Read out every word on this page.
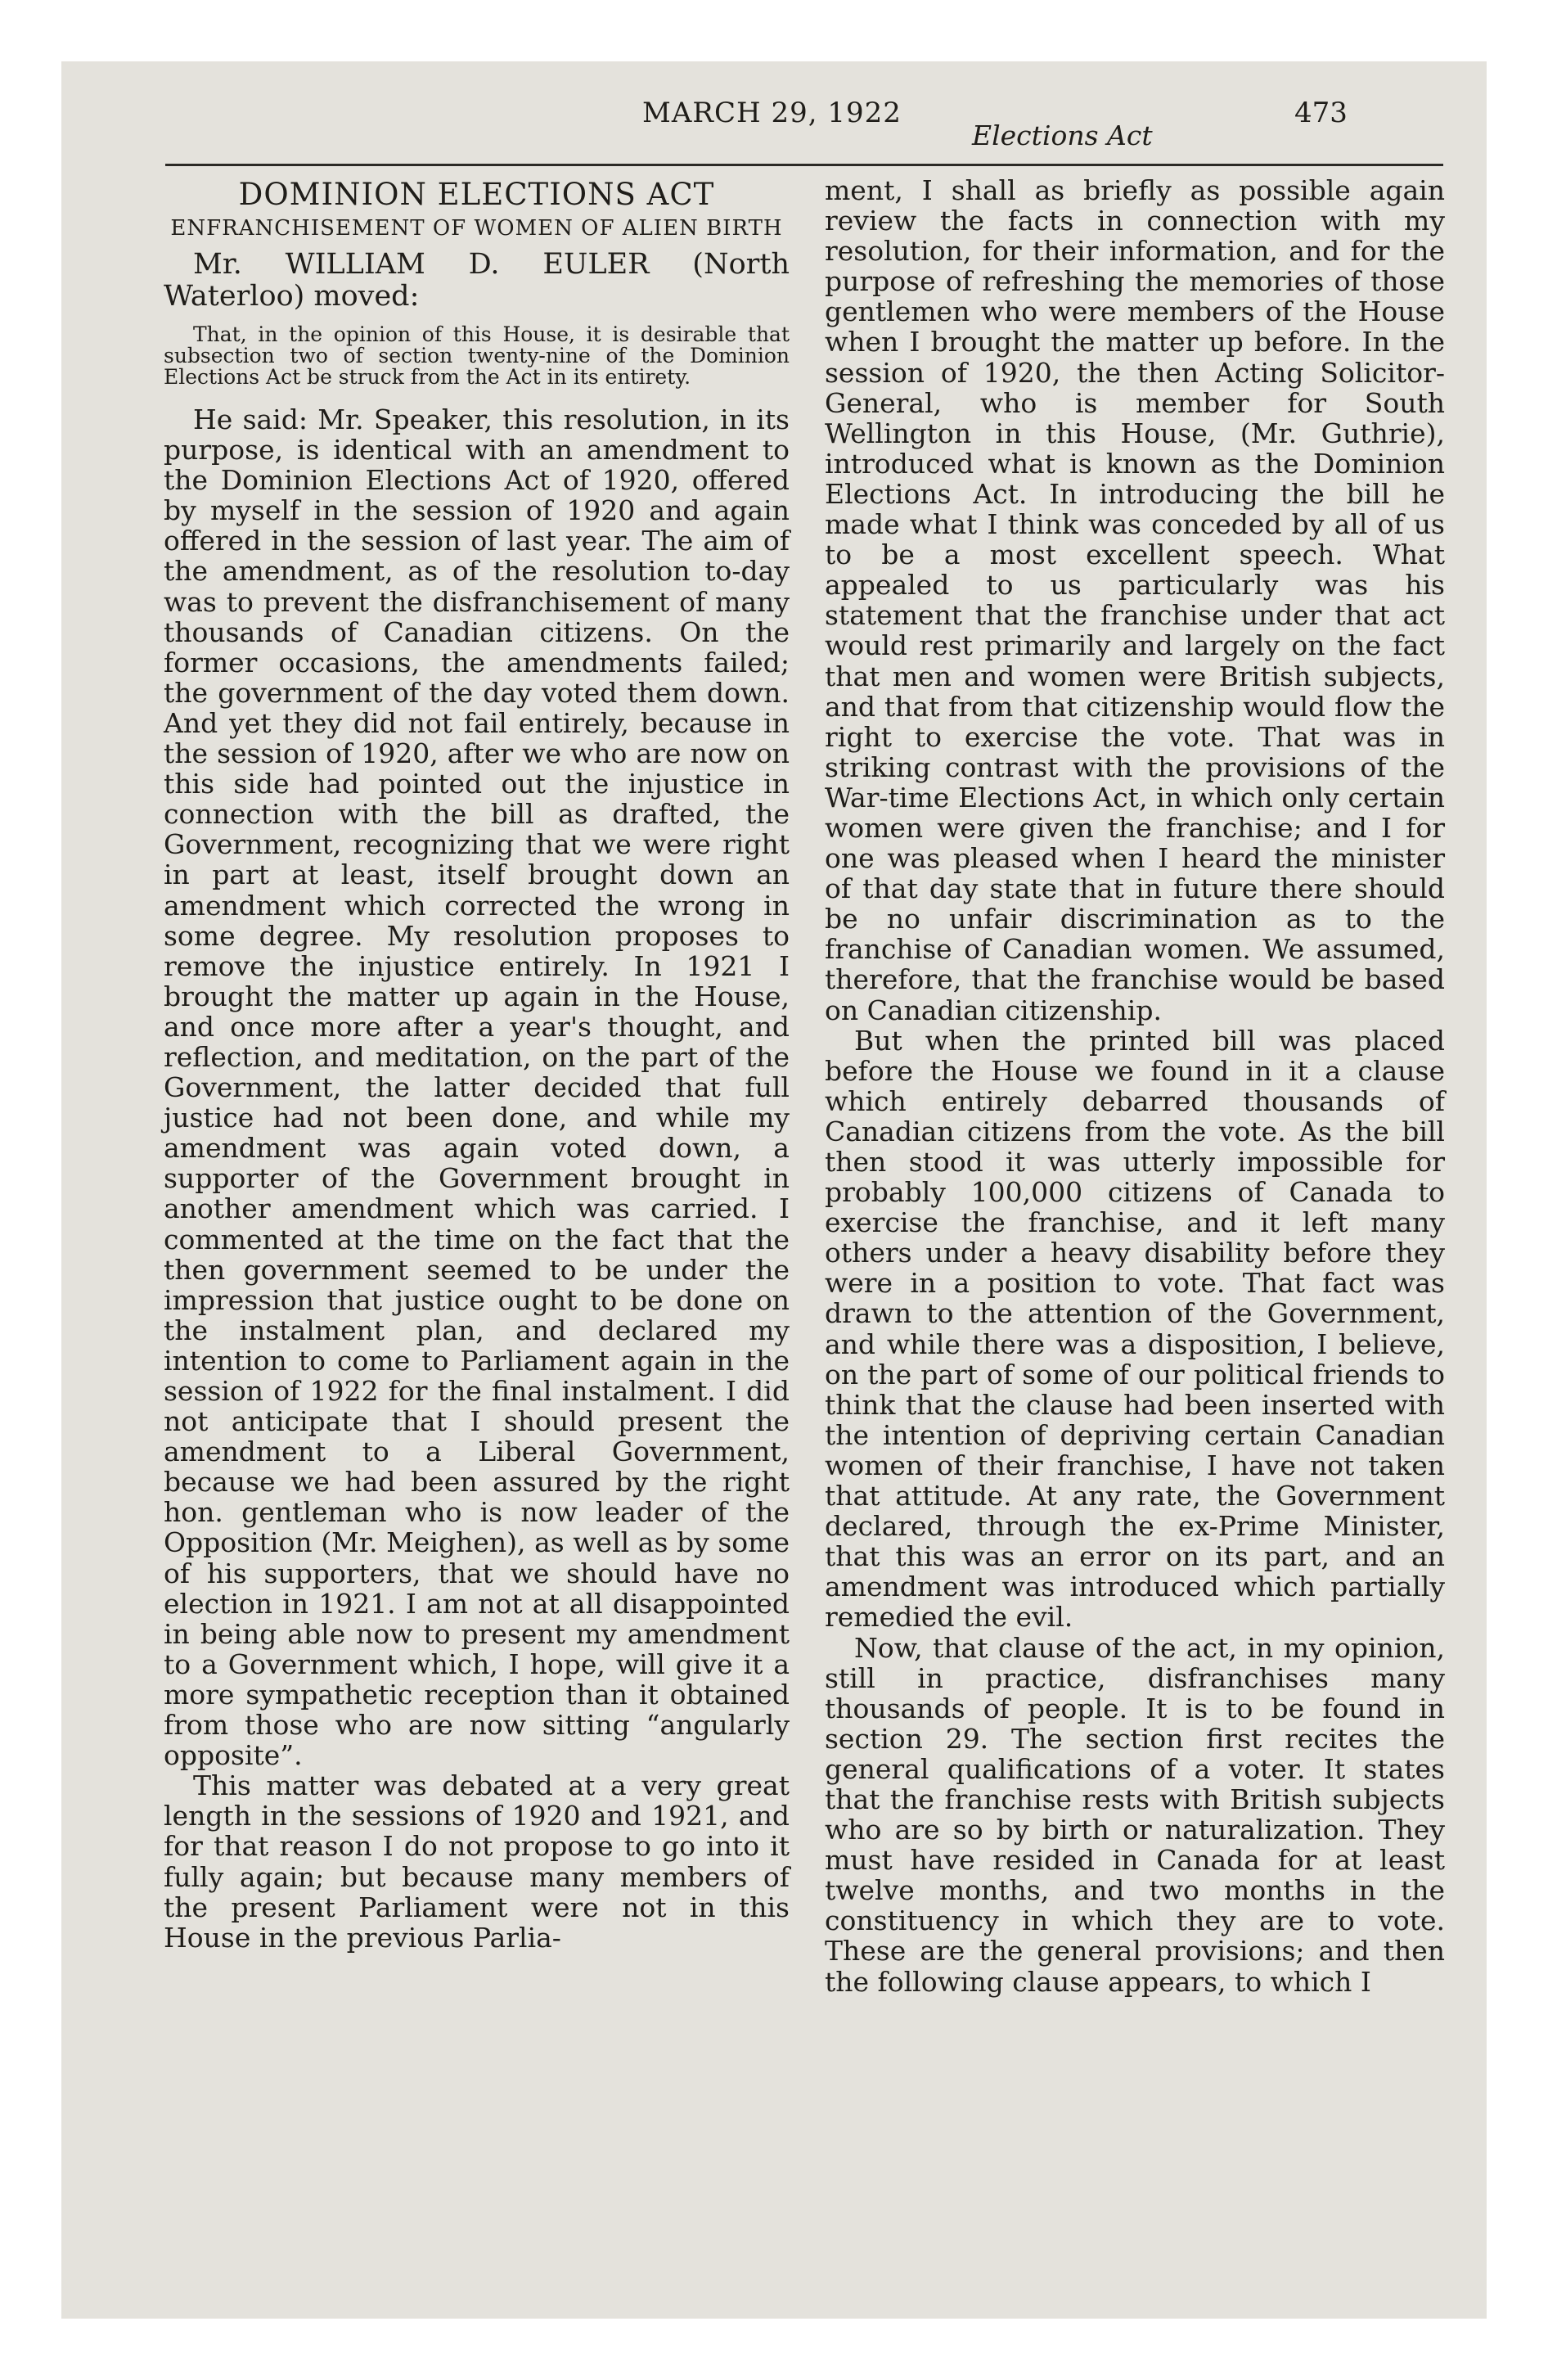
MARCH 29, 1922
Elections Act
473
DOMINION ELECTIONS ACT
ENFRANCHISEMENT OF WOMEN OF ALIEN BIRTH

Mr. WILLIAM D. EULER (North Waterloo) moved:

That, in the opinion of this House, it is desirable that subsection two of section twenty-nine of the Dominion Elections Act be struck from the Act in its entirety.

He said: Mr. Speaker, this resolution, in its purpose, is identical with an amendment to the Dominion Elections Act of 1920, offered by myself in the session of 1920 and again offered in the session of last year. The aim of the amendment, as of the resolution to-day was to prevent the disfranchisement of many thousands of Canadian citizens. On the former occasions, the amendments failed; the government of the day voted them down. And yet they did not fail entirely, because in the session of 1920, after we who are now on this side had pointed out the injustice in connection with the bill as drafted, the Government, recognizing that we were right in part at least, itself brought down an amendment which corrected the wrong in some degree. My resolution proposes to remove the injustice entirely. In 1921 I brought the matter up again in the House, and once more after a year's thought, and reflection, and meditation, on the part of the Government, the latter decided that full justice had not been done, and while my amendment was again voted down, a supporter of the Government brought in another amendment which was carried. I commented at the time on the fact that the then government seemed to be under the impression that justice ought to be done on the instalment plan, and declared my intention to come to Parliament again in the session of 1922 for the final instalment. I did not anticipate that I should present the amendment to a Liberal Government, because we had been assured by the right hon. gentleman who is now leader of the Opposition (Mr. Meighen), as well as by some of his supporters, that we should have no election in 1921. I am not at all disappointed in being able now to present my amendment to a Government which, I hope, will give it a more sympathetic reception than it obtained from those who are now sitting “angularly opposite”.

This matter was debated at a very great length in the sessions of 1920 and 1921, and for that reason I do not propose to go into it fully again; but because many members of the present Parliament were not in this House in the previous Parlia-

ment, I shall as briefly as possible again review the facts in connection with my resolution, for their information, and for the purpose of refreshing the memories of those gentlemen who were members of the House when I brought the matter up before. In the session of 1920, the then Acting Solicitor-General, who is member for South Wellington in this House, (Mr. Guthrie), introduced what is known as the Dominion Elections Act. In introducing the bill he made what I think was conceded by all of us to be a most excellent speech. What appealed to us particularly was his statement that the franchise under that act would rest primarily and largely on the fact that men and women were British subjects, and that from that citizenship would flow the right to exercise the vote. That was in striking contrast with the provisions of the War-time Elections Act, in which only certain women were given the franchise; and I for one was pleased when I heard the minister of that day state that in future there should be no unfair discrimination as to the franchise of Canadian women. We assumed, therefore, that the franchise would be based on Canadian citizenship.

But when the printed bill was placed before the House we found in it a clause which entirely debarred thousands of Canadian citizens from the vote. As the bill then stood it was utterly impossible for probably 100,000 citizens of Canada to exercise the franchise, and it left many others under a heavy disability before they were in a position to vote. That fact was drawn to the attention of the Government, and while there was a disposition, I believe, on the part of some of our political friends to think that the clause had been inserted with the intention of depriving certain Canadian women of their franchise, I have not taken that attitude. At any rate, the Government declared, through the ex-Prime Minister, that this was an error on its part, and an amendment was introduced which partially remedied the evil.

Now, that clause of the act, in my opinion, still in practice, disfranchises many thousands of people. It is to be found in section 29. The section first recites the general qualifications of a voter. It states that the franchise rests with British subjects who are so by birth or naturalization. They must have resided in Canada for at least twelve months, and two months in the constituency in which they are to vote. These are the general provisions; and then the following clause appears, to which I
